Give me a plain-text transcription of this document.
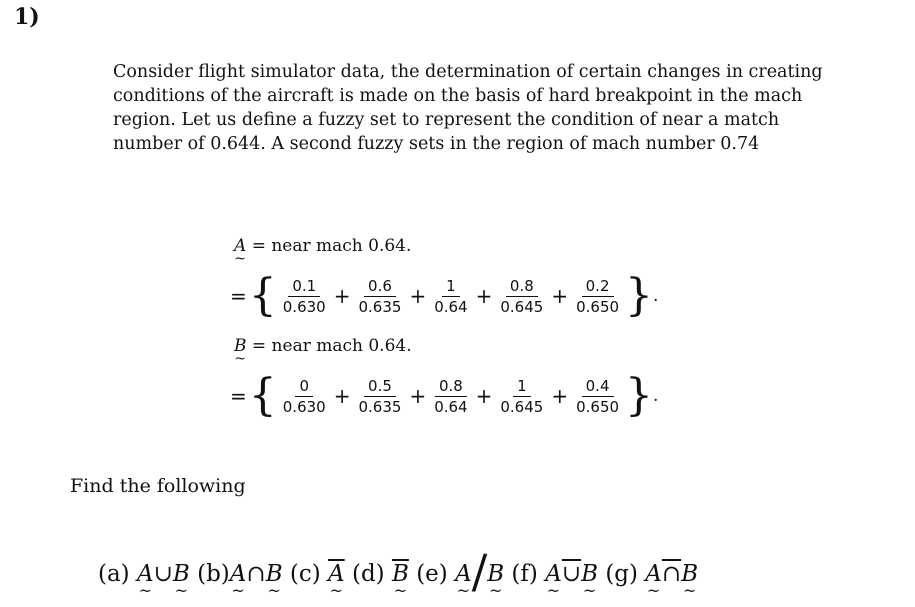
1)
Consider flight simulator data, the determination of certain changes in creating conditions of the aircraft is made on the basis of hard breakpoint in the mach region. Let us define a fuzzy set to represent the condition of near a match number of 0.644. A second fuzzy sets in the region of mach number 0.74
A ~ = near mach 0.64.
= { $\frac{0.1}{0.630} + \frac{0.6}{0.635} + \frac{1}{0.64} + \frac{0.8}{0.645} + \frac{0.2}{0.650}$ } .
B ~ = near mach 0.64.
= { $\frac{0}{0.630} + \frac{0.5}{0.635} + \frac{0.8}{0.64} + \frac{1}{0.645} + \frac{0.4}{0.650}$ } .
Find the following
(a) A ~∪B ~ (b)A ~∩B ~ (c) $\overline{A}$ ~ (d) $\overline{B}$ ~ (e) A ~/B ~ (f) A ~∪B ~ (g) A ~∩B ~
